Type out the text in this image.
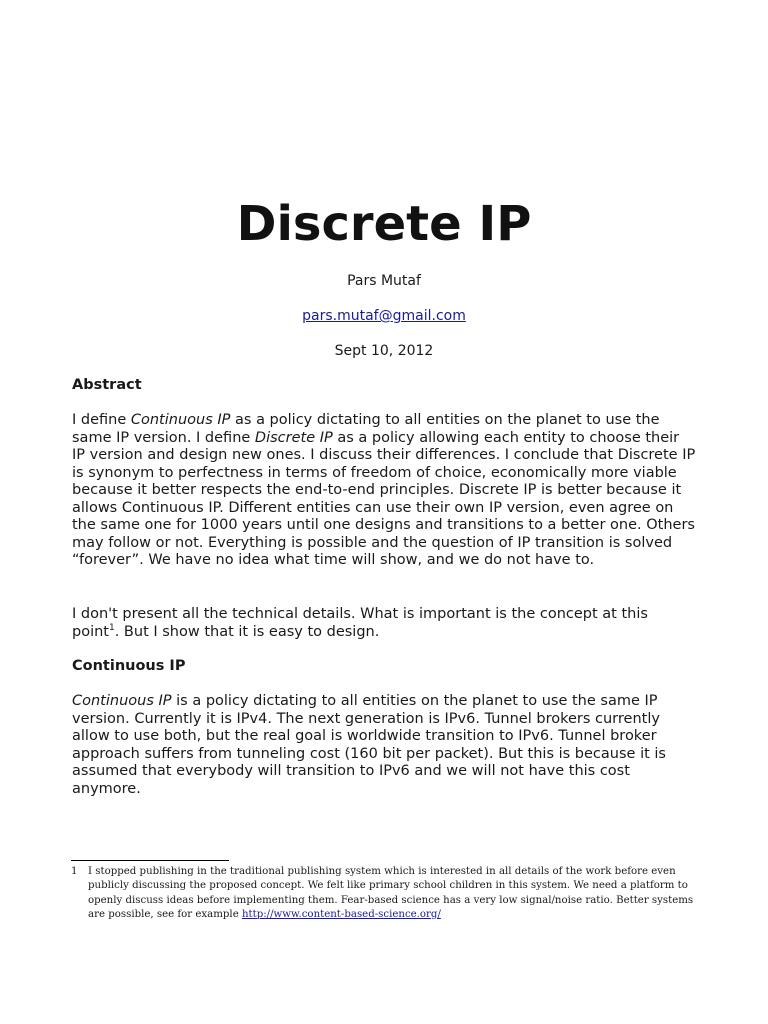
Discrete IP
Pars Mutaf
pars.mutaf@gmail.com
Sept 10, 2012
Abstract

I define Continuous IP as a policy dictating to all entities on the planet to use the same IP version. I define Discrete IP as a policy allowing each entity to choose their IP version and design new ones. I discuss their differences. I conclude that Discrete IP is synonym to perfectness in terms of freedom of choice, economically more viable because it better respects the end-to-end principles. Discrete IP is better because it allows Continuous IP. Different entities can use their own IP version, even agree on the same one for 1000 years until one designs and transitions to a better one. Others may follow or not. Everything is possible and the question of IP transition is solved “forever”. We have no idea what time will show, and we do not have to.

I don't present all the technical details. What is important is the concept at this point$^1$. But I show that it is easy to design.

Continuous IP

Continuous IP is a policy dictating to all entities on the planet to use the same IP version. Currently it is IPv4. The next generation is IPv6. Tunnel brokers currently allow to use both, but the real goal is worldwide transition to IPv6. Tunnel broker approach suffers from tunneling cost (160 bit per packet). But this is because it is assumed that everybody will transition to IPv6 and we will not have this cost anymore.

1	I stopped publishing in the traditional publishing system which is interested in all details of the work before even publicly discussing the proposed concept. We felt like primary school children in this system. We need a platform to openly discuss ideas before implementing them. Fear-based science has a very low signal/noise ratio. Better systems are possible, see for example http://www.content-based-science.org/
